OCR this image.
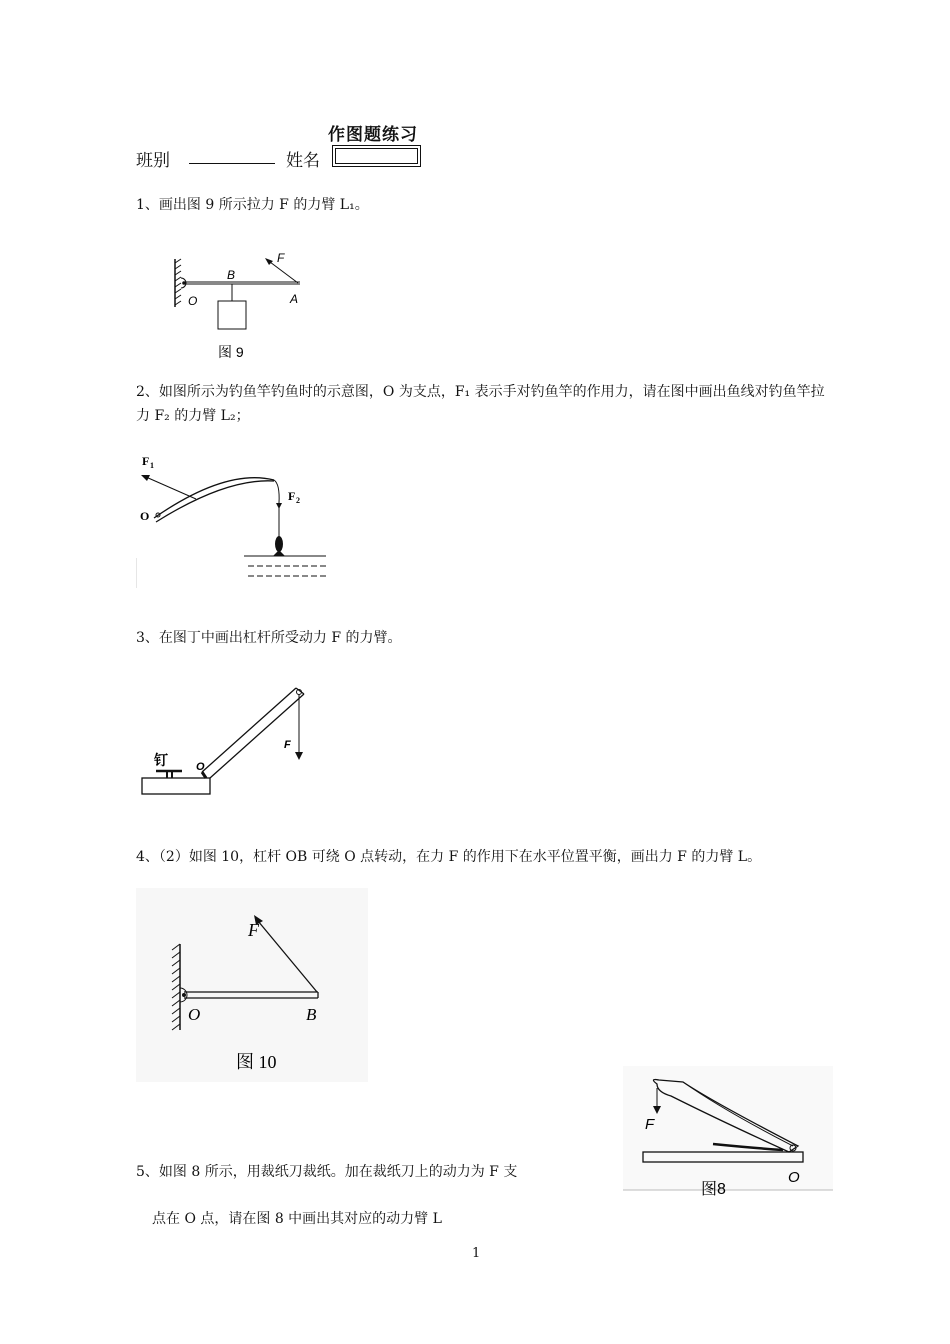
作图题练习
班别	姓名
1、画出图 9 所示拉力 F 的力臂 L₁。
O
B
A
F
图 9
2、如图所示为钓鱼竿钓鱼时的示意图，O 为支点，F₁ 表示手对钓鱼竿的作用力，请在图中画出鱼线对钓鱼竿拉力 F₂ 的力臂 L₂；
F 1
F 2
O
3、在图丁中画出杠杆所受动力 F 的力臂。
钉	O
F
4、（2）如图 10，杠杆 OB 可绕 O 点转动，在力 F 的作用下在水平位置平衡，画出力 F 的力臂 L。
F
O	B
图 10
5、如图 8 所示，用裁纸刀裁纸。加在裁纸刀上的动力为 F 支
点在 O 点，请在图 8 中画出其对应的动力臂 L
F
O
图8
1
